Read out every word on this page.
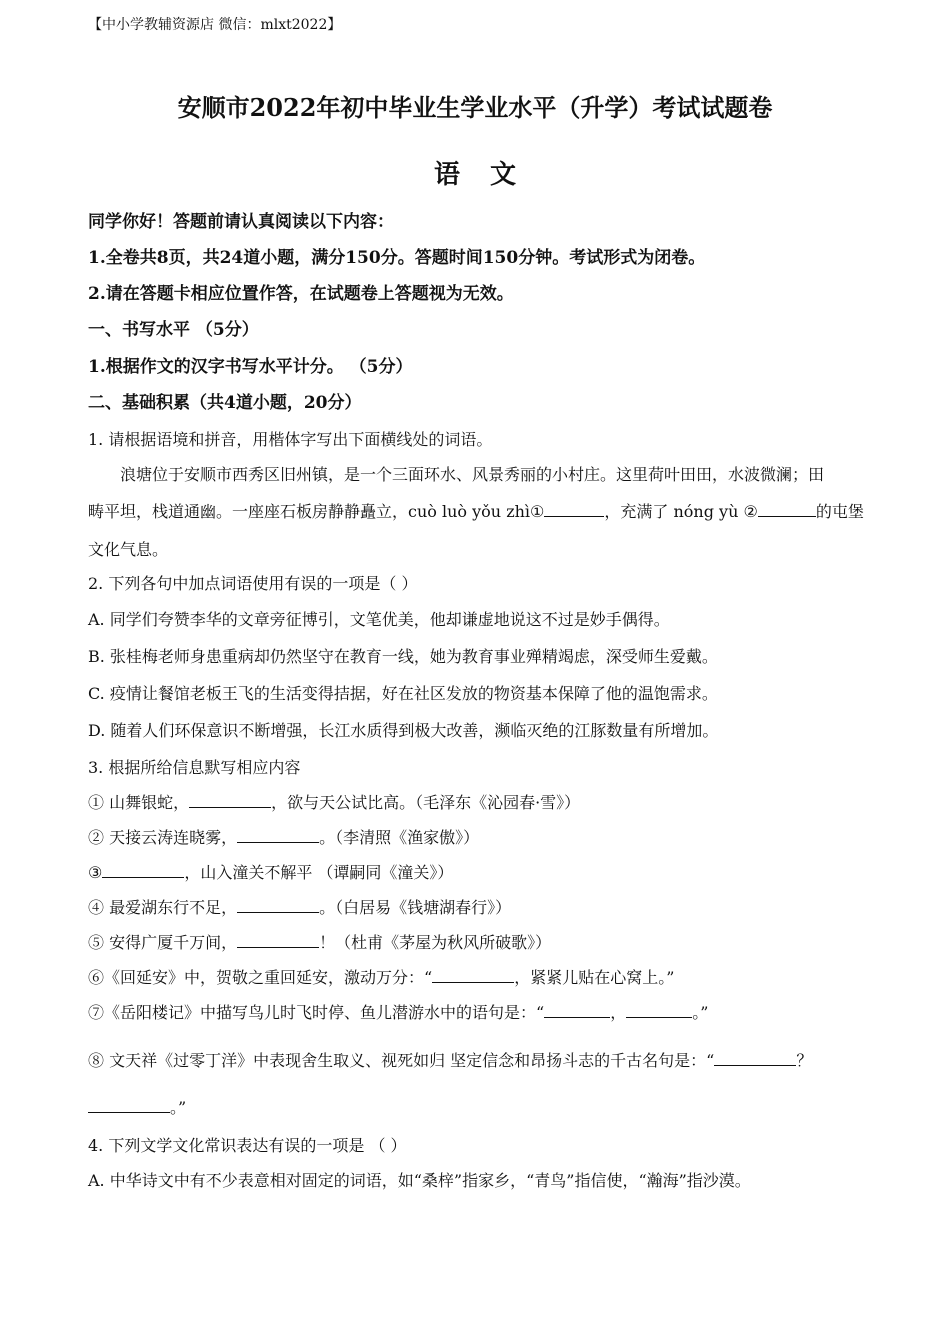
【中小学教辅资源店 微信：mlxt2022】
安顺市2022年初中毕业生学业水平（升学）考试试题卷
语文
同学你好！答题前请认真阅读以下内容：
1.全卷共8页，共24道小题，满分150分。答题时间150分钟。考试形式为闭卷。
2.请在答题卡相应位置作答，在试题卷上答题视为无效。
一、书写水平 （5分）
1.根据作文的汉字书写水平计分。 （5分）
二、基础积累（共4道小题，20分）
1. 请根据语境和拼音，用楷体字写出下面横线处的词语。
浪塘位于安顺市西秀区旧州镇，是一个三面环水、风景秀丽的小村庄。这里荷叶田田，水波微澜；田
畴平坦，栈道通幽。一座座石板房静静矗立，cuò luò yǒu zhì①	，充满了 nóng yù ②	的屯堡
文化气息。
2. 下列各句中加点词语使用有误的一项是（ ）
A. 同学们夸赞李华的文章旁征博引，文笔优美，他却谦虚地说这不过是妙手偶得。
B. 张桂梅老师身患重病却仍然坚守在教育一线，她为教育事业殚精竭虑，深受师生爱戴。
C. 疫情让餐馆老板王飞的生活变得拮据，好在社区发放的物资基本保障了他的温饱需求。
D. 随着人们环保意识不断增强，长江水质得到极大改善，濒临灭绝的江豚数量有所增加。
3. 根据所给信息默写相应内容
① 山舞银蛇，	，欲与天公试比高。（毛泽东《沁园春·雪》）
② 天接云涛连晓雾，	。（李清照《渔家傲》）
③	，山入潼关不解平 （谭嗣同《潼关》）
④ 最爱湖东行不足，	。（白居易《钱塘湖春行》）
⑤ 安得广厦千万间，	！（杜甫《茅屋为秋风所破歌》）
⑥《回延安》中，贺敬之重回延安，激动万分：“	，紧紧儿贴在心窝上。”
⑦《岳阳楼记》中描写鸟儿时飞时停、鱼儿潜游水中的语句是：“	，	。”
⑧ 文天祥《过零丁洋》中表现舍生取义、视死如归 坚定信念和昂扬斗志的千古名句是：“	？
。”
4. 下列文学文化常识表达有误的一项是 （ ）
A. 中华诗文中有不少表意相对固定的词语，如“桑梓”指家乡，“青鸟”指信使，“瀚海”指沙漠。
